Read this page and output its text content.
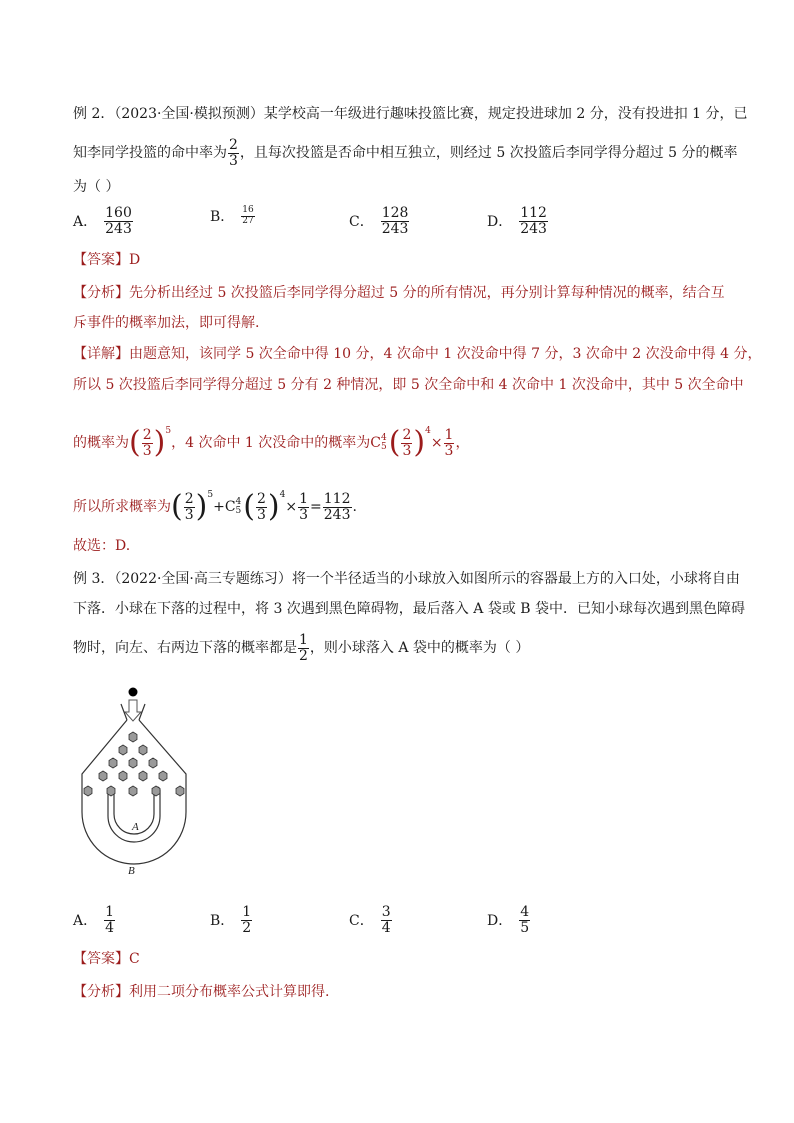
例 2．（2023·全国·模拟预测）某学校高一年级进行趣味投篮比赛，规定投进球加 2 分，没有投进扣 1 分，已
知李同学投篮的命中率为 $\frac{2}{3}$ ，且每次投篮是否命中相互独立，则经过 5 次投篮后李同学得分超过 5 分的概率
为（ ）
A． $\frac{160}{243}$	B． $\frac{16}{27}$	C． $\frac{128}{243}$	D． $\frac{112}{243}$
【答案】D
【分析】先分析出经过 5 次投篮后李同学得分超过 5 分的所有情况，再分别计算每种情况的概率，结合互
斥事件的概率加法，即可得解.
【详解】由题意知，该同学 5 次全命中得 10 分，4 次命中 1 次没命中得 7 分，3 次命中 2 次没命中得 4 分，
所以 5 次投篮后李同学得分超过 5 分有 2 种情况，即 5 次全命中和 4 次命中 1 次没命中，其中 5 次全命中
的概率为( $\frac{2}{3} )^5$，4 次命中 1 次没命中的概率为C 4
5 ( $\frac{2}{3} )^4\times \frac{1}{3}$ ，
所以所求概率为( $\frac{2}{3} )^5+C$ 4
5 ( $\frac{2}{3} )^4\times \frac{1}{3} = \frac{112}{243}$ .
故选：D.
例 3．（2022·全国·高三专题练习）将一个半径适当的小球放入如图所示的容器最上方的入口处，小球将自由
下落．小球在下落的过程中，将 3 次遇到黑色障碍物，最后落入 A 袋或 B 袋中．已知小球每次遇到黑色障碍
物时，向左、右两边下落的概率都是 $\frac{1}{2}$ ，则小球落入 A 袋中的概率为（ ）
A
B
A． $\frac{1}{4}$	B． $\frac{1}{2}$	C． $\frac{3}{4}$	D． $\frac{4}{5}$
【答案】C
【分析】利用二项分布概率公式计算即得.
